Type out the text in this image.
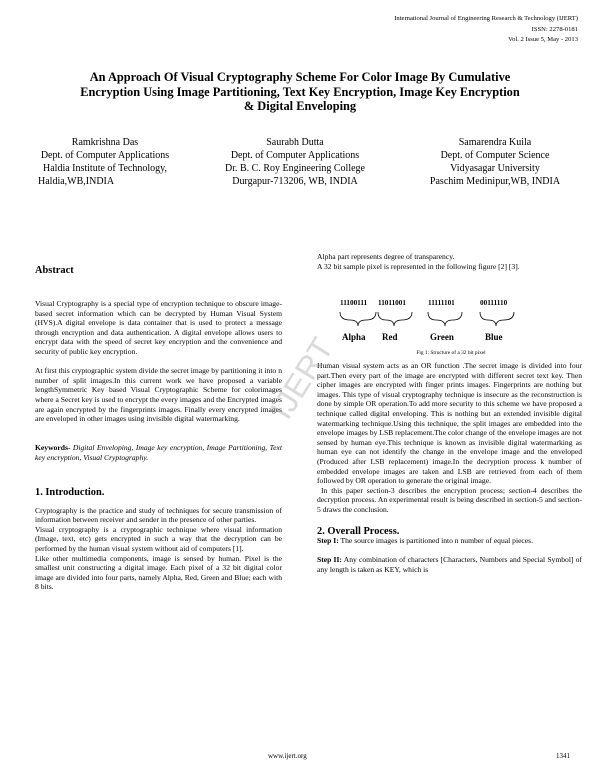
International Journal of Engineering Research & Technology (IJERT)
ISSN: 2278-0181
Vol. 2 Issue 5, May - 2013
An Approach Of Visual Cryptography Scheme For Color Image By Cumulative
Encryption Using Image Partitioning, Text Key Encryption, Image Key Encryption
& Digital Enveloping
Ramkrishna Das
Dept. of Computer Applications
Haldia Institute of Technology,
Haldia,WB,INDIA
Saurabh Dutta
Dept. of Computer Applications
Dr. B. C. Roy Engineering College
Durgapur-713206, WB, INDIA
Samarendra Kuila
Dept. of Computer Science
Vidyasagar University
Paschim Medinipur,WB, INDIA
Abstract

Visual Cryptography is a special type of encryption technique to obscure image-based secret information which can be decrypted by Human Visual System (HVS).A digital envelope is data container that is used to protect a message through encryption and data authentication. A digital envelope allows users to encrypt data with the speed of secret key encryption and the convenience and security of public key encryption.

At first this cryptographic system divide the secret image by partitioning it into n number of split images.In this current work we have proposed a variable lengthSymmetric Key based Visual Cryptographic Scheme for colorimages where a Secret key is used to encrypt the every images and the Encrypted images are again encrypted by the fingerprints images. Finally every encrypted images are enveloped in other images using invisible digital watermarking.

Keywords- Digital Enveloping, Image key encryption, Image Partitioning, Text key encryption, Visual Cryptography.

1. Introduction.

Cryptography is the practice and study of techniques for secure transmission of information between receiver and sender in the presence of other parties.

Visual cryptography is a cryptographic technique where visual information (Image, text, etc) gets encrypted in such a way that the decryption can be performed by the human visual system without aid of computers [1].

Like other multimedia components, image is sensed by human. Pixel is the smallest unit constructing a digital image. Each pixel of a 32 bit digital color image are divided into four parts, namely Alpha, Red, Green and Blue; each with 8 bits.

Alpha part represents degree of transparency.

A 32 bit sample pixel is represented in the following figure [2] [3].

11100111 11011001	11111101	00111110
Alpha Red	Green	Blue
Fig 1: Structure of a 32 bit pixel

Human visual system acts as an OR function .The secret image is divided into four part.Then every part of the image are encrypted with different secret text key. Then cipher images are encrypted with finger prints images. Fingerprints are nothing but images. This type of visual cryptography technique is insecure as the reconstruction is done by simple OR operation.To add more security to this scheme we have proposed a technique called digital enveloping. This is nothing but an extended invisible digital watermarking technique.Using this technique, the split images are embedded into the envelope images by LSB replacement.The color change of the envelope images are not sensed by human eye.This technique is known as invisible digital watermarking as human eye can not identify the change in the envelope image and the enveloped (Produced after LSB replacement) image.In the decryption process k number of embedded envelope images are taken and LSB are retrieved from each of them followed by OR operation to generate the original image.

In this paper section-3 describes the encryption process; section-4 describes the decryption process. An experimental result is being described in section-5 and section-5 draws the conclusion.

2. Overall Process.

Step I: The source images is partitioned into n number of equal pieces.

Step II: Any combination of characters [Characters, Numbers and Special Symbol] of any length is taken as KEY, which is

IJERT
www.ijert.org	1341
